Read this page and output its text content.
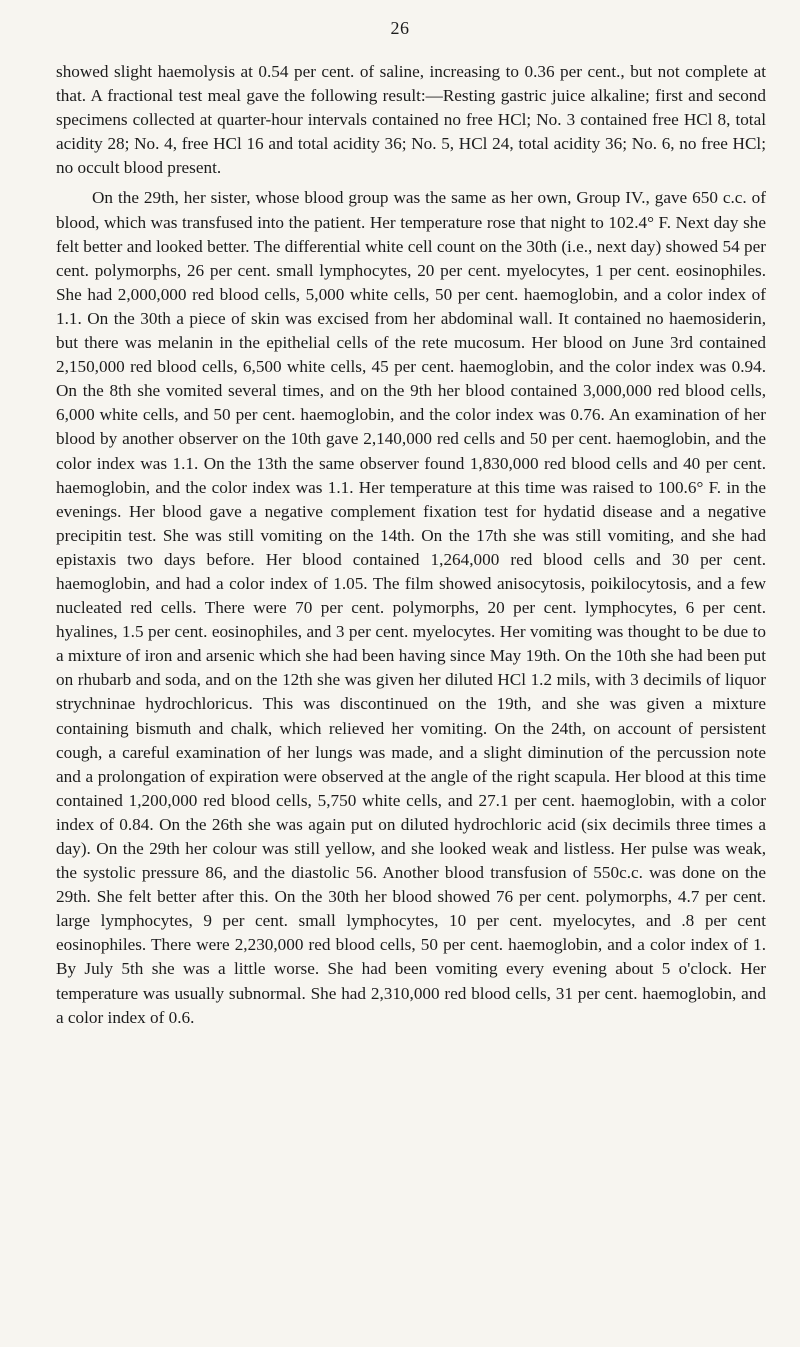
26

showed slight haemolysis at 0.54 per cent. of saline, increasing to 0.36 per cent., but not complete at that. A fractional test meal gave the following result:—Resting gastric juice alkaline; first and second specimens collected at quarter-hour intervals contained no free HCl; No. 3 contained free HCl 8, total acidity 28; No. 4, free HCl 16 and total acidity 36; No. 5, HCl 24, total acidity 36; No. 6, no free HCl; no occult blood present.

On the 29th, her sister, whose blood group was the same as her own, Group IV., gave 650 c.c. of blood, which was transfused into the patient. Her temperature rose that night to 102.4° F. Next day she felt better and looked better. The differential white cell count on the 30th (i.e., next day) showed 54 per cent. polymorphs, 26 per cent. small lymphocytes, 20 per cent. myelocytes, 1 per cent. eosinophiles. She had 2,000,000 red blood cells, 5,000 white cells, 50 per cent. haemoglobin, and a color index of 1.1. On the 30th a piece of skin was excised from her abdominal wall. It contained no haemosiderin, but there was melanin in the epithelial cells of the rete mucosum. Her blood on June 3rd contained 2,150,000 red blood cells, 6,500 white cells, 45 per cent. haemoglobin, and the color index was 0.94. On the 8th she vomited several times, and on the 9th her blood contained 3,000,000 red blood cells, 6,000 white cells, and 50 per cent. haemoglobin, and the color index was 0.76. An examination of her blood by another observer on the 10th gave 2,140,000 red cells and 50 per cent. haemoglobin, and the color index was 1.1. On the 13th the same observer found 1,830,000 red blood cells and 40 per cent. haemoglobin, and the color index was 1.1. Her temperature at this time was raised to 100.6° F. in the evenings. Her blood gave a negative complement fixation test for hydatid disease and a negative precipitin test. She was still vomiting on the 14th. On the 17th she was still vomiting, and she had epistaxis two days before. Her blood contained 1,264,000 red blood cells and 30 per cent. haemoglobin, and had a color index of 1.05. The film showed anisocytosis, poikilocytosis, and a few nucleated red cells. There were 70 per cent. polymorphs, 20 per cent. lymphocytes, 6 per cent. hyalines, 1.5 per cent. eosinophiles, and 3 per cent. myelocytes. Her vomiting was thought to be due to a mixture of iron and arsenic which she had been having since May 19th. On the 10th she had been put on rhubarb and soda, and on the 12th she was given her diluted HCl 1.2 mils, with 3 decimils of liquor strychninae hydrochloricus. This was discontinued on the 19th, and she was given a mixture containing bismuth and chalk, which relieved her vomiting. On the 24th, on account of persistent cough, a careful examination of her lungs was made, and a slight diminution of the percussion note and a prolongation of expiration were observed at the angle of the right scapula. Her blood at this time contained 1,200,000 red blood cells, 5,750 white cells, and 27.1 per cent. haemoglobin, with a color index of 0.84. On the 26th she was again put on diluted hydrochloric acid (six decimils three times a day). On the 29th her colour was still yellow, and she looked weak and listless. Her pulse was weak, the systolic pressure 86, and the diastolic 56. Another blood transfusion of 550c.c. was done on the 29th. She felt better after this. On the 30th her blood showed 76 per cent. polymorphs, 4.7 per cent. large lymphocytes, 9 per cent. small lymphocytes, 10 per cent. myelocytes, and .8 per cent eosinophiles. There were 2,230,000 red blood cells, 50 per cent. haemoglobin, and a color index of 1. By July 5th she was a little worse. She had been vomiting every evening about 5 o'clock. Her temperature was usually subnormal. She had 2,310,000 red blood cells, 31 per cent. haemoglobin, and a color index of 0.6.
